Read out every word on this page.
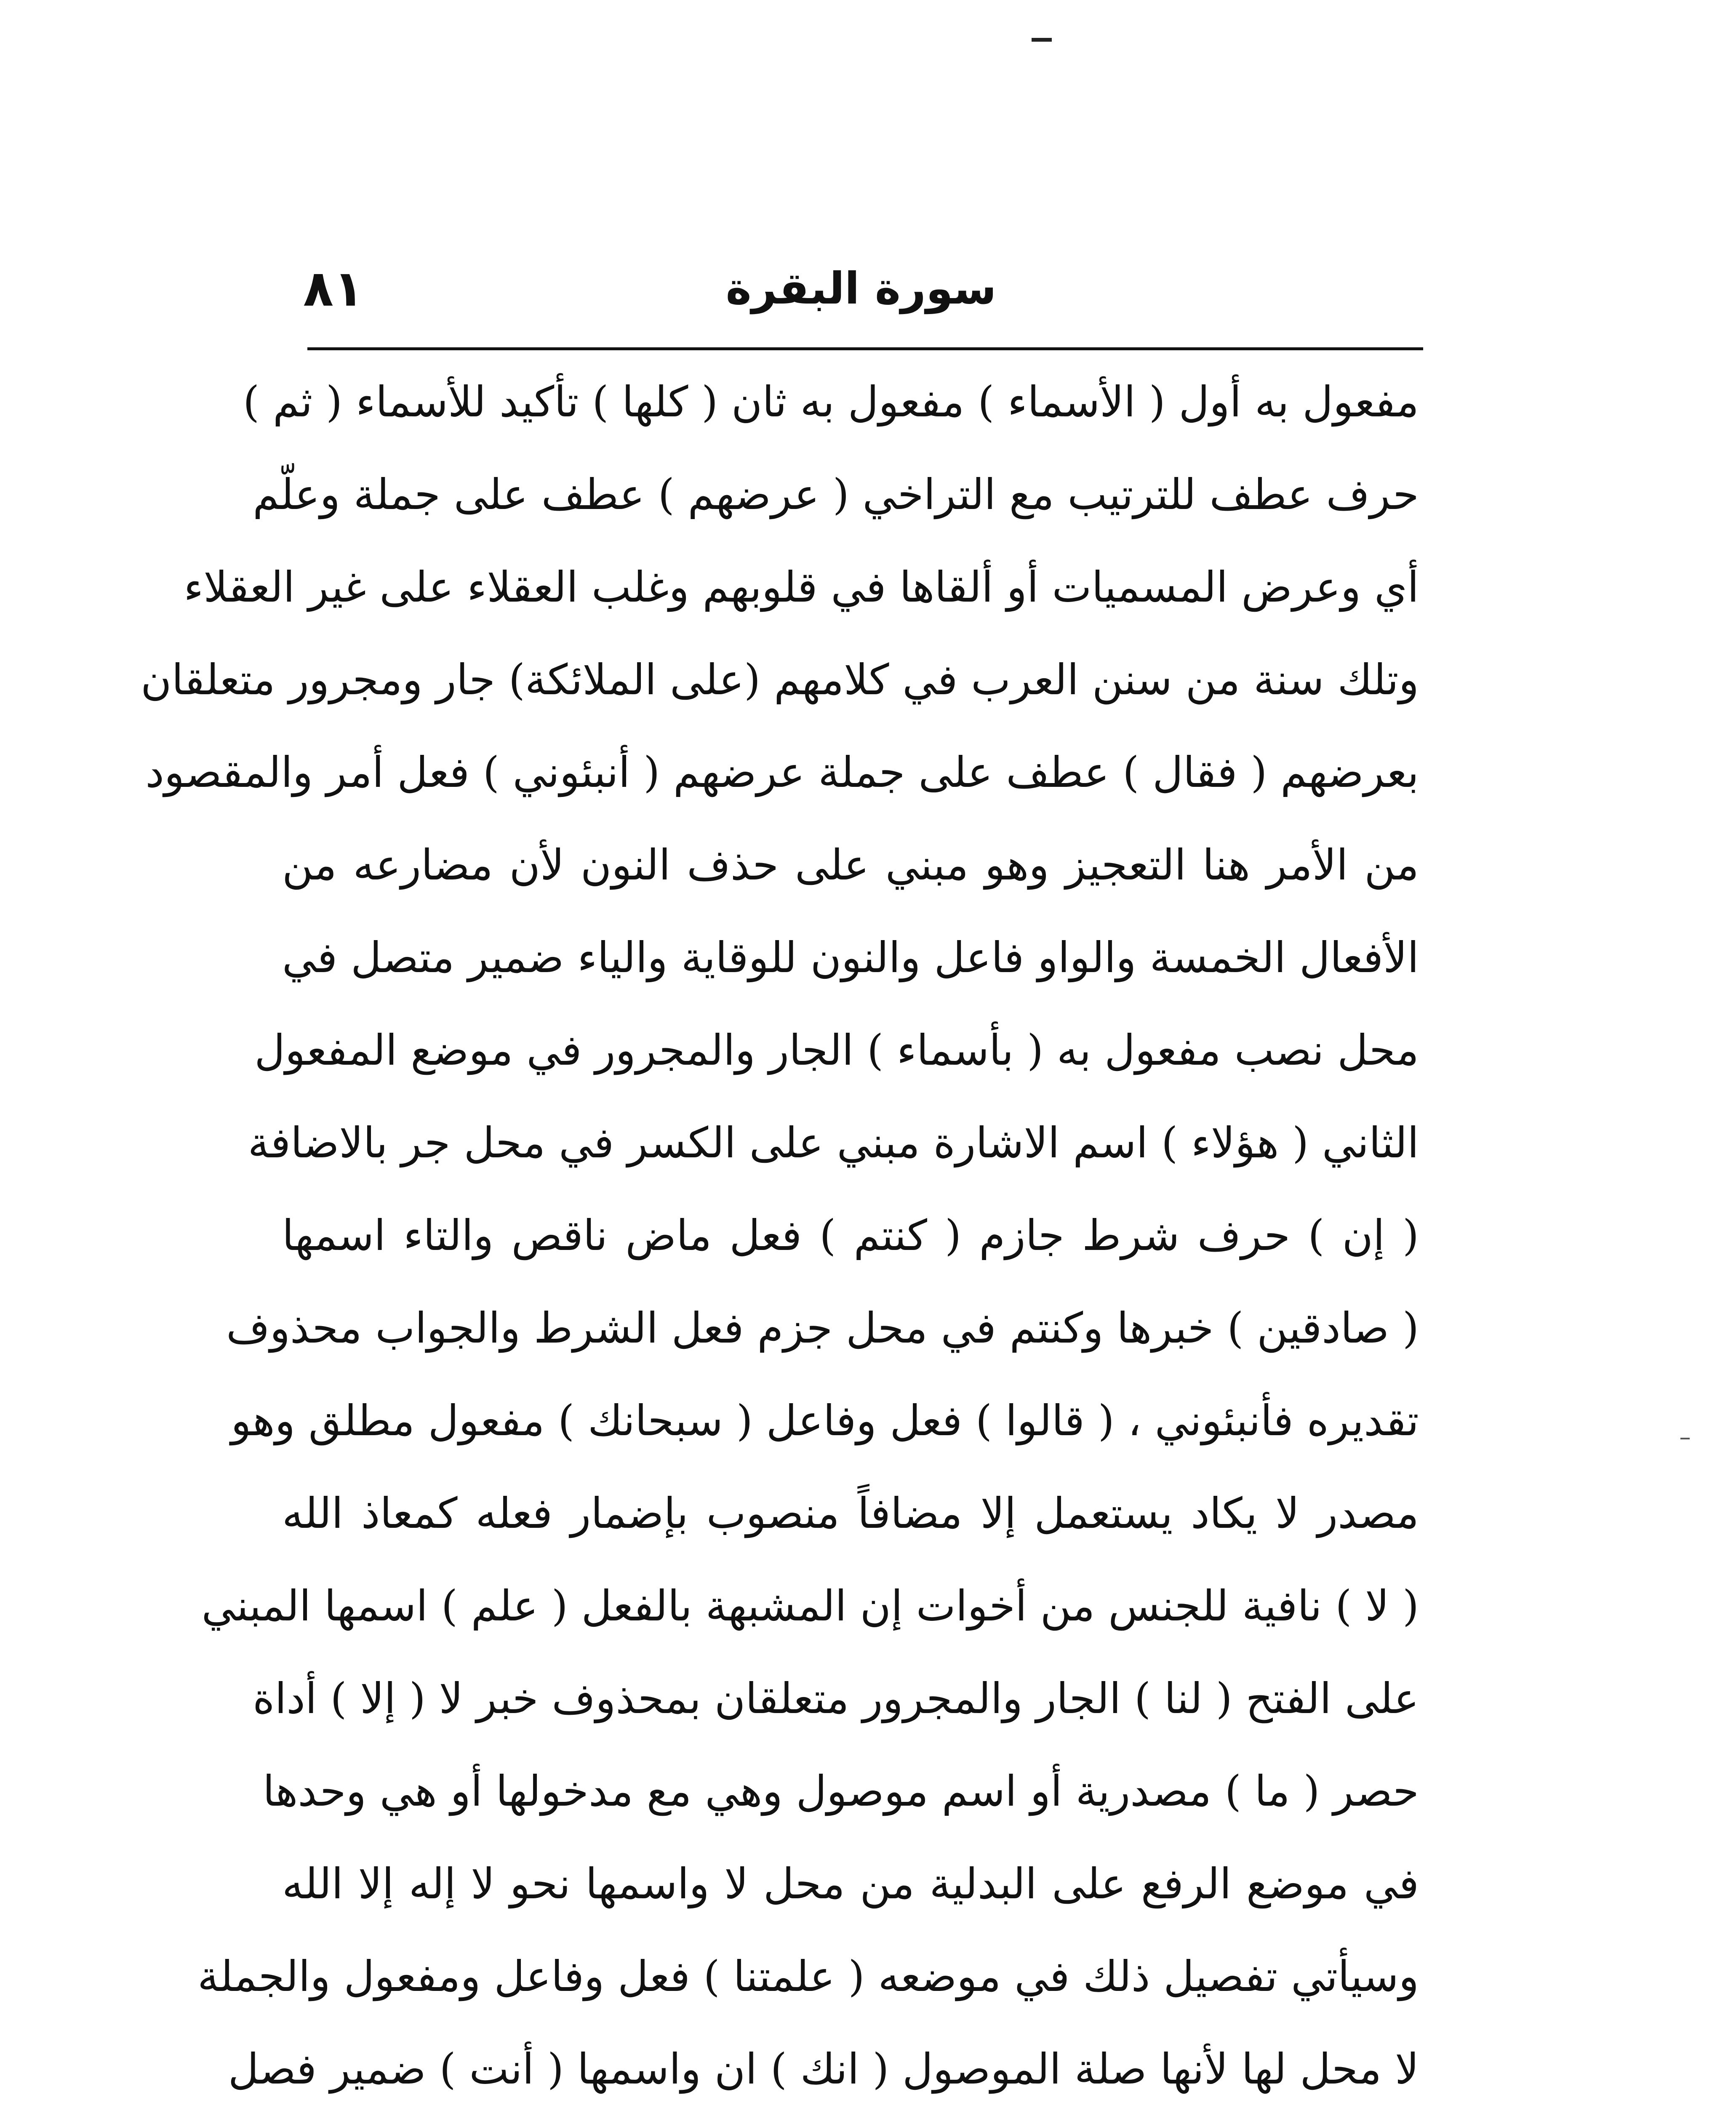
٨١	سورة البقرة
مفعول به أول ( الأسماء ) مفعول به ثان ( كلها ) تأكيد للأسماء ( ثم )
حرف عطف للترتيب مع التراخي ( عرضهم ) عطف على جملة وعلّم
أي وعرض المسميات أو ألقاها في قلوبهم وغلب العقلاء على غير العقلاء
وتلك سنة من سنن العرب في كلامهم (على الملائكة) جار ومجرور متعلقان
بعرضهم ( فقال ) عطف على جملة عرضهم ( أنبئوني ) فعل أمر والمقصود
من الأمر هنا التعجيز وهو مبني على حذف النون لأن مضارعه من
الأفعال الخمسة والواو فاعل والنون للوقاية والياء ضمير متصل في
محل نصب مفعول به ( بأسماء ) الجار والمجرور في موضع المفعول
الثاني ( هؤلاء ) اسم الاشارة مبني على الكسر في محل جر بالاضافة
( إن ) حرف شرط جازم ( كنتم ) فعل ماض ناقص والتاء اسمها
( صادقين ) خبرها وكنتم في محل جزم فعل الشرط والجواب محذوف
تقديره فأنبئوني ، ( قالوا ) فعل وفاعل ( سبحانك ) مفعول مطلق وهو
مصدر لا يكاد يستعمل إلا مضافاً منصوب بإضمار فعله كمعاذ الله
( لا ) نافية للجنس من أخوات إن المشبهة بالفعل ( علم ) اسمها المبني
على الفتح ( لنا ) الجار والمجرور متعلقان بمحذوف خبر لا ( إلا ) أداة
حصر ( ما ) مصدرية أو اسم موصول وهي مع مدخولها أو هي وحدها
في موضع الرفع على البدلية من محل لا واسمها نحو لا إله إلا الله
وسيأتي تفصيل ذلك في موضعه ( علمتنا ) فعل وفاعل ومفعول والجملة
لا محل لها لأنها صلة الموصول ( انك ) ان واسمها ( أنت ) ضمير فصل
